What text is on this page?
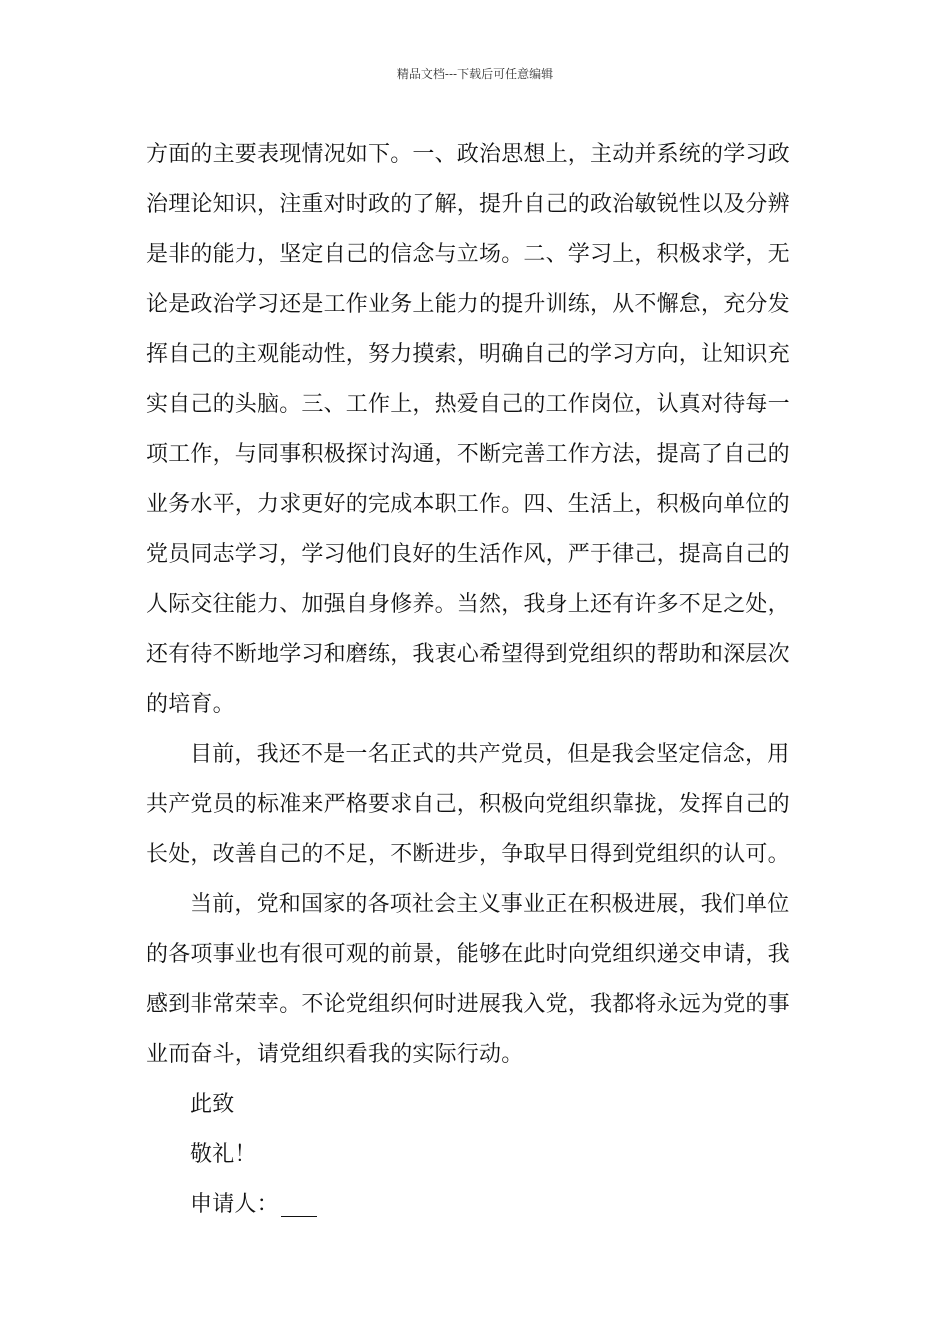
精品文档---下载后可任意编辑
方面的主要表现情况如下。一、政治思想上，主动并系统的学习政
治理论知识，注重对时政的了解，提升自己的政治敏锐性以及分辨
是非的能力，坚定自己的信念与立场。二、学习上，积极求学，无
论是政治学习还是工作业务上能力的提升训练，从不懈怠，充分发
挥自己的主观能动性，努力摸索，明确自己的学习方向，让知识充
实自己的头脑。三、工作上，热爱自己的工作岗位，认真对待每一
项工作，与同事积极探讨沟通，不断完善工作方法，提高了自己的
业务水平，力求更好的完成本职工作。四、生活上，积极向单位的
党员同志学习，学习他们良好的生活作风，严于律己，提高自己的
人际交往能力、加强自身修养。当然，我身上还有许多不足之处，
还有待不断地学习和磨练，我衷心希望得到党组织的帮助和深层次
的培育。
目前，我还不是一名正式的共产党员，但是我会坚定信念，用
共产党员的标准来严格要求自己，积极向党组织靠拢，发挥自己的
长处，改善自己的不足，不断进步，争取早日得到党组织的认可。
当前，党和国家的各项社会主义事业正在积极进展，我们单位
的各项事业也有很可观的前景，能够在此时向党组织递交申请，我
感到非常荣幸。不论党组织何时进展我入党，我都将永远为党的事
业而奋斗，请党组织看我的实际行动。
此致
敬礼！
申请人：
